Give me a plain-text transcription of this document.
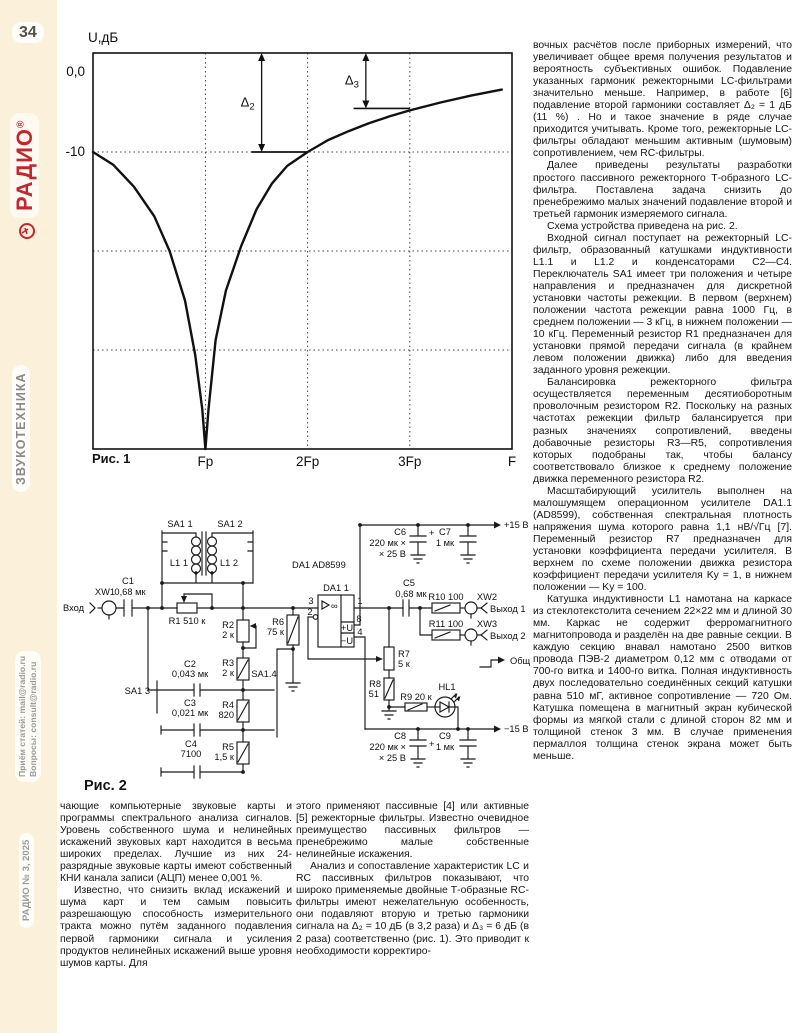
34
РАДИО®
ЗВУКОТЕХНИКА
Приём статей: mail@radio.ru Вопросы: consult@radio.ru
РАДИО № 3, 2025
0,0
-10
Fp	2Fp	3Fp	F
U,дБ
$\Delta_2$
$\Delta_3$
Рис. 1

вочных расчётов после приборных измерений, что увеличивает общее время получения результатов и вероятность субъективных ошибок. Подавление указанных гармоник режекторными LC-фильтрами значительно меньше. Например, в работе [6] подавление второй гармоники составляет Δ₂ = 1 дБ (11 %) . Но и такое значение в ряде случае приходится учитывать. Кроме того, режекторные LC-фильтры обладают меньшим активным (шумовым) сопротивлением, чем RC-фильтры.

Далее приведены результаты разработки простого пассивного режекторного Т-образного LC-фильтра. Поставлена задача снизить до пренебрежимо малых значений подавление второй и третьей гармоник измеряемого сигнала.

Схема устройства приведена на рис. 2.

Входной сигнал поступает на режекторный LC-фильтр, образованный катушками индуктивности L1.1 и L1.2 и конденсаторами C2—C4. Переключатель SA1 имеет три положения и четыре направления и предназначен для дискретной установки частоты режекции. В первом (верхнем) положении частота режекции равна 1000 Гц, в среднем положении — 3 кГц, в нижнем положении — 10 кГц. Переменный резистор R1 предназначен для установки прямой передачи сигнала (в крайнем левом положении движка) либо для введения заданного уровня режекции.

Балансировка режекторного фильтра осуществляется переменным десятиоборотным проволочным резистором R2. Поскольку на разных частотах режекции фильтр балансируется при разных значениях сопротивлений, введены добавочные резисторы R3—R5, сопротивления которых подобраны так, чтобы балансу соответствовало близкое к среднему положение движка переменного резистора R2.

Масштабирующий усилитель выполнен на малошумящем операционном усилителе DA1.1 (AD8599), собственная спектральная плотность напряжения шума которого равна 1,1 нВ/√Гц [7]. Переменный резистор R7 предназначен для установки коэффициента передачи усилителя. В верхнем по схеме положении движка резистора коэффициент передачи усилителя Kу = 1, в нижнем положении — Kу = 100.

Катушка индуктивности L1 намотана на каркасе из стеклотекстолита сечением 22×22 мм и длиной 30 мм. Каркас не содержит ферромагнитного магнитопровода и разделён на две равные секции. В каждую секцию внавал намотано 2500 витков провода ПЭВ-2 диаметром 0,12 мм с отводами от 700-го витка и 1400-го витка. Полная индуктивность двух последовательно соединённых секций катушки равна 510 мГ, активное сопротивление — 720 Ом. Катушка помещена в магнитный экран кубической формы из мягкой стали с длиной сторон 82 мм и толщиной стенок 3 мм. В случае применения пермаллоя толщина стенок экрана может быть меньше.

Вход
XW1
C1
0,68 мк
SA1 1	SA1 2
L1 1	L1 2
R1 510 к R2
2 к
R3
2 к
R4
820
R5
1,5 к
C2
0,043 мк
C3
0,021 мк
C4
7100
SA1 3
SA1.4
R6
75 к
DA1 AD8599
DA1 1
3
2
1
8
4
+U
−U
∞
C5
0,68 мк
C6
220 мк ×
× 25 В
C7
1 мк
+15 В
R10 100 XW2
Выход 1
R11 100 XW3
Выход 2
R7
5 к
R8
51 R9 20 к
HL1
Общ
+
+
C8
220 мк ×
× 25 В
C9
1 мк
−15 В
Рис. 2

чающие компьютерные звуковые карты и программы спектрального анализа сигналов. Уровень собственного шума и нелинейных искажений звуковых карт находится в весьма широких пределах. Лучшие из них 24-разрядные звуковые карты имеют собственный КНИ канала записи (АЦП) менее 0,001 %.

Известно, что снизить вклад искажений и шума карт и тем самым повысить разрешающую способность измерительного тракта можно путём заданного подавления первой гармоники сигнала и усиления продуктов нелинейных искажений выше уровня шумов карты. Для

этого применяют пассивные [4] или активные [5] режекторные фильтры. Известно очевидное преимущество пассивных фильтров — пренебрежимо малые собственные нелинейные искажения.

Анализ и сопоставление характеристик LC и RC пассивных фильтров показывают, что широко применяемые двойные Т-образные RC-фильтры имеют нежелательную особенность, они подавляют вторую и третью гармоники сигнала на Δ₂ = 10 дБ (в 3,2 раза) и Δ₃ = 6 дБ (в 2 раза) соответственно (рис. 1). Это приводит к необходимости корректиро-
